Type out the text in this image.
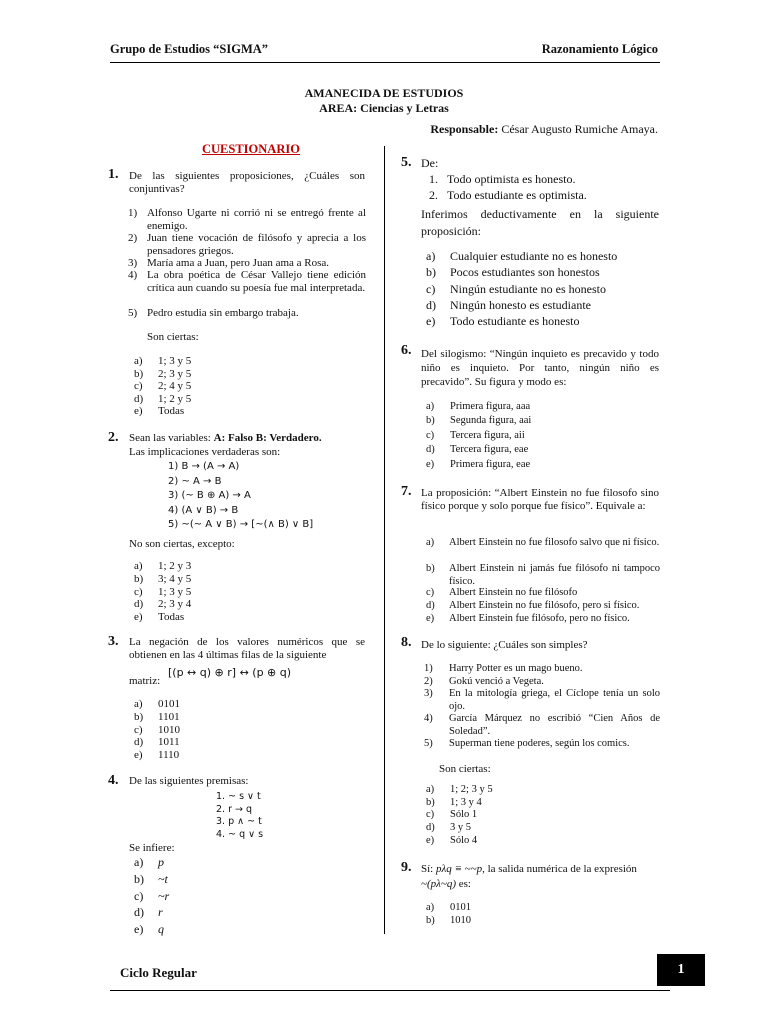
Grupo de Estudios “SIGMA”	Razonamiento Lógico
AMANECIDA DE ESTUDIOS
AREA: Ciencias y Letras
Responsable: César Augusto Rumiche Amaya.
CUESTIONARIO
1. De las siguientes proposiciones, ¿Cuáles son conjuntivas?
1) Alfonso Ugarte ni corrió ni se entregó frente al enemigo.
2) Juan tiene vocación de filósofo y aprecia a los pensadores griegos.
3) María ama a Juan, pero Juan ama a Rosa.
4) La obra poética de César Vallejo tiene edición crítica aun cuando su poesía fue mal interpretada.
5) Pedro estudia sin embargo trabaja.
Son ciertas:
a) 1; 3 y 5
b) 2; 3 y 5
c) 2; 4 y 5
d) 1; 2 y 5
e) Todas
2. Sean las variables: A: Falso B: Verdadero.
Las implicaciones verdaderas son:
1) B → (A → A)
2) ~ A → B
3) (~ B ⊕ A) → A
4) (A ∨ B) → B
5) ~(~ A ∨ B) → [~(∧ B) ∨ B]
No son ciertas, excepto:
a) 1; 2 y 3
b) 3; 4 y 5
c) 1; 3 y 5
d) 2; 3 y 4
e) Todas
3. La negación de los valores numéricos que se obtienen en las 4 últimas filas de la siguiente
matriz:
[(p ↔ q) ⊕ r] ↔ (p ⊕ q)
a) 0101
b) 1101
c) 1010
d) 1011
e) 1110
4. De las siguientes premisas:
1. ~ s ∨ t
2. r → q
3. p ∧ ~ t
4. ~ q ∨ s
Se infiere:
a) p
b) ~t
c) ~r
d) r
e) q
5. De:
1. Todo optimista es honesto.
2. Todo estudiante es optimista.
Inferimos deductivamente en la siguiente proposición:
a) Cualquier estudiante no es honesto
b) Pocos estudiantes son honestos
c) Ningún estudiante no es honesto
d) Ningún honesto es estudiante
e) Todo estudiante es honesto
6. Del silogismo: “Ningún inquieto es precavido y todo niño es inquieto. Por tanto, ningún niño es precavido”. Su figura y modo es:
a) Primera figura, aaa
b) Segunda figura, aai
c) Tercera figura, aii
d) Tercera figura, eae
e) Primera figura, eae
7. La proposición: “Albert Einstein no fue filosofo sino físico porque y solo porque fue físico”. Equivale a:
a)	Albert Einstein no fue filosofo salvo que ni físico.
b)	Albert Einstein ni jamás fue filósofo ni tampoco físico.
c)	Albert Einstein no fue filósofo
d)	Albert Einstein no fue filósofo, pero si físico.
e)	Albert Einstein fue filósofo, pero no físico.
8. De lo siguiente: ¿Cuáles son simples?
1) Harry Potter es un mago bueno.
2) Gokú venció a Vegeta.
3) En la mitología griega, el Cíclope tenía un solo ojo.
4) García Márquez no escribió “Cien Años de Soledad”.
5) Superman tiene poderes, según los comics.
Son ciertas:
a) 1; 2; 3 y 5
b) 1; 3 y 4
c) Sólo 1
d) 3 y 5
e) Sólo 4
9. Sí: pλq ≡ ~~p, la salida numérica de la expresión
~(pλ~q) es:
a) 0101
b) 1010
Ciclo Regular	1
